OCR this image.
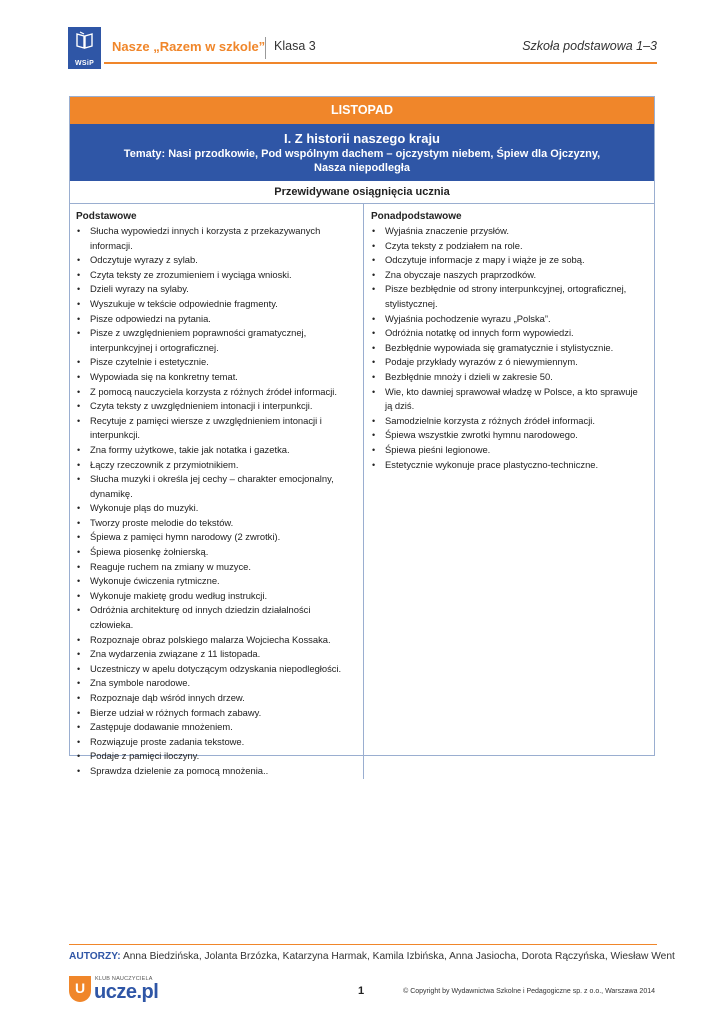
WSiP
Nasze „Razem w szkole” Klasa 3	Szkoła podstawowa 1–3
LISTOPAD
I. Z historii naszego kraju
Tematy: Nasi przodkowie, Pod wspólnym dachem – ojczystym niebem, Śpiew dla Ojczyzny,
Nasza niepodległa
Przewidywane osiągnięcia ucznia
Podstawowe
• Słucha wypowiedzi innych i korzysta z przekazywanych informacji.
• Odczytuje wyrazy z sylab.
• Czyta teksty ze zrozumieniem i wyciąga wnioski.
• Dzieli wyrazy na sylaby.
• Wyszukuje w tekście odpowiednie fragmenty.
• Pisze odpowiedzi na pytania.
• Pisze z uwzględnieniem poprawności gramatycznej, interpunkcyjnej i ortograficznej.
• Pisze czytelnie i estetycznie.
• Wypowiada się na konkretny temat.
• Z pomocą nauczyciela korzysta z różnych źródeł informacji.
• Czyta teksty z uwzględnieniem intonacji i interpunkcji.
• Recytuje z pamięci wiersze z uwzględnieniem intonacji i interpunkcji.
• Zna formy użytkowe, takie jak notatka i gazetka.
• Łączy rzeczownik z przymiotnikiem.
• Słucha muzyki i określa jej cechy – charakter emocjonalny, dynamikę.
• Wykonuje pląs do muzyki.
• Tworzy proste melodie do tekstów.
• Śpiewa z pamięci hymn narodowy (2 zwrotki).
• Śpiewa piosenkę żołnierską.
• Reaguje ruchem na zmiany w muzyce.
• Wykonuje ćwiczenia rytmiczne.
• Wykonuje makietę grodu według instrukcji.
• Odróżnia architekturę od innych dziedzin działalności człowieka.
• Rozpoznaje obraz polskiego malarza Wojciecha Kossaka.
• Zna wydarzenia związane z 11 listopada.
• Uczestniczy w apelu dotyczącym odzyskania niepodległości.
• Zna symbole narodowe.
• Rozpoznaje dąb wśród innych drzew.
• Bierze udział w różnych formach zabawy.
• Zastępuje dodawanie mnożeniem.
• Rozwiązuje proste zadania tekstowe.
• Podaje z pamięci iloczyny.
• Sprawdza dzielenie za pomocą mnożenia..
Ponadpodstawowe
• Wyjaśnia znaczenie przysłów.
• Czyta teksty z podziałem na role.
• Odczytuje informacje z mapy i wiąże je ze sobą.
• Zna obyczaje naszych praprzodków.
• Pisze bezbłędnie od strony interpunkcyjnej, ortograficznej, stylistycznej.
• Wyjaśnia pochodzenie wyrazu „Polska”.
• Odróżnia notatkę od innych form wypowiedzi.
• Bezbłędnie wypowiada się gramatycznie i stylistycznie.
• Podaje przykłady wyrazów z ó niewymiennym.
• Bezbłędnie mnoży i dzieli w zakresie 50.
• Wie, kto dawniej sprawował władzę w Polsce, a kto sprawuje ją dziś.
• Samodzielnie korzysta z różnych źródeł informacji.
• Śpiewa wszystkie zwrotki hymnu narodowego.
• Śpiewa pieśni legionowe.
• Estetycznie wykonuje prace plastyczno-techniczne.
AUTORZY: Anna Biedzińska, Jolanta Brzózka, Katarzyna Harmak, Kamila Izbińska, Anna Jasiocha, Dorota Rączyńska, Wiesław Went
U
KLUB NAUCZYCIELA
ucze.pl	1	© Copyright by Wydawnictwa Szkolne i Pedagogiczne sp. z o.o., Warszawa 2014
